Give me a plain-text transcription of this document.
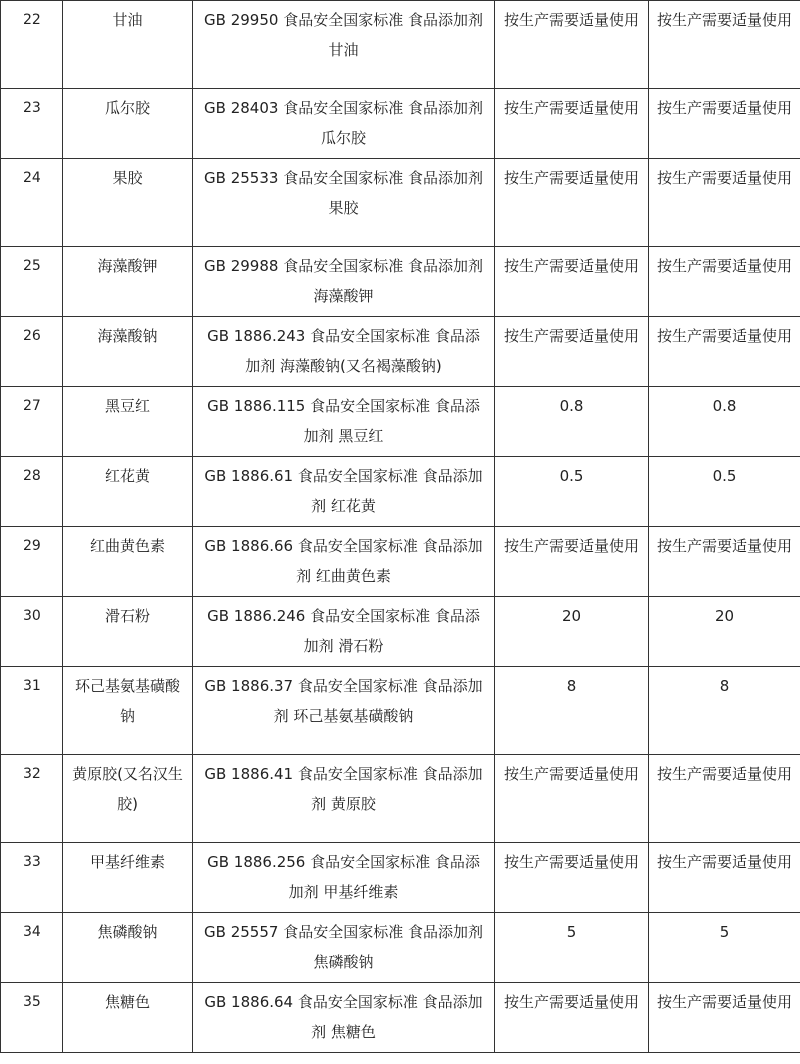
22	甘油	GB 29950 食品安全国家标准 食品添加剂 甘油	按生产需要适量使用	按生产需要适量使用
23	瓜尔胶	GB 28403 食品安全国家标准 食品添加剂 瓜尔胶	按生产需要适量使用	按生产需要适量使用
24	果胶	GB 25533 食品安全国家标准 食品添加剂 果胶	按生产需要适量使用	按生产需要适量使用
25	海藻酸钾	GB 29988 食品安全国家标准 食品添加剂 海藻酸钾	按生产需要适量使用	按生产需要适量使用
26	海藻酸钠	GB 1886.243 食品安全国家标准 食品添加剂 海藻酸钠(又名褐藻酸钠)	按生产需要适量使用	按生产需要适量使用
27	黑豆红	GB 1886.115 食品安全国家标准 食品添加剂 黑豆红	0.8	0.8
28	红花黄	GB 1886.61 食品安全国家标准 食品添加剂 红花黄	0.5	0.5
29	红曲黄色素	GB 1886.66 食品安全国家标准 食品添加剂 红曲黄色素	按生产需要适量使用	按生产需要适量使用
30	滑石粉	GB 1886.246 食品安全国家标准 食品添加剂 滑石粉	20	20
31	环己基氨基磺酸钠	GB 1886.37 食品安全国家标准 食品添加剂 环己基氨基磺酸钠	8	8
32	黄原胶(又名汉生胶)	GB 1886.41 食品安全国家标准 食品添加剂 黄原胶	按生产需要适量使用	按生产需要适量使用
33	甲基纤维素	GB 1886.256 食品安全国家标准 食品添加剂 甲基纤维素	按生产需要适量使用	按生产需要适量使用
34	焦磷酸钠	GB 25557 食品安全国家标准 食品添加剂 焦磷酸钠	5	5
35	焦糖色	GB 1886.64 食品安全国家标准 食品添加剂 焦糖色	按生产需要适量使用	按生产需要适量使用
